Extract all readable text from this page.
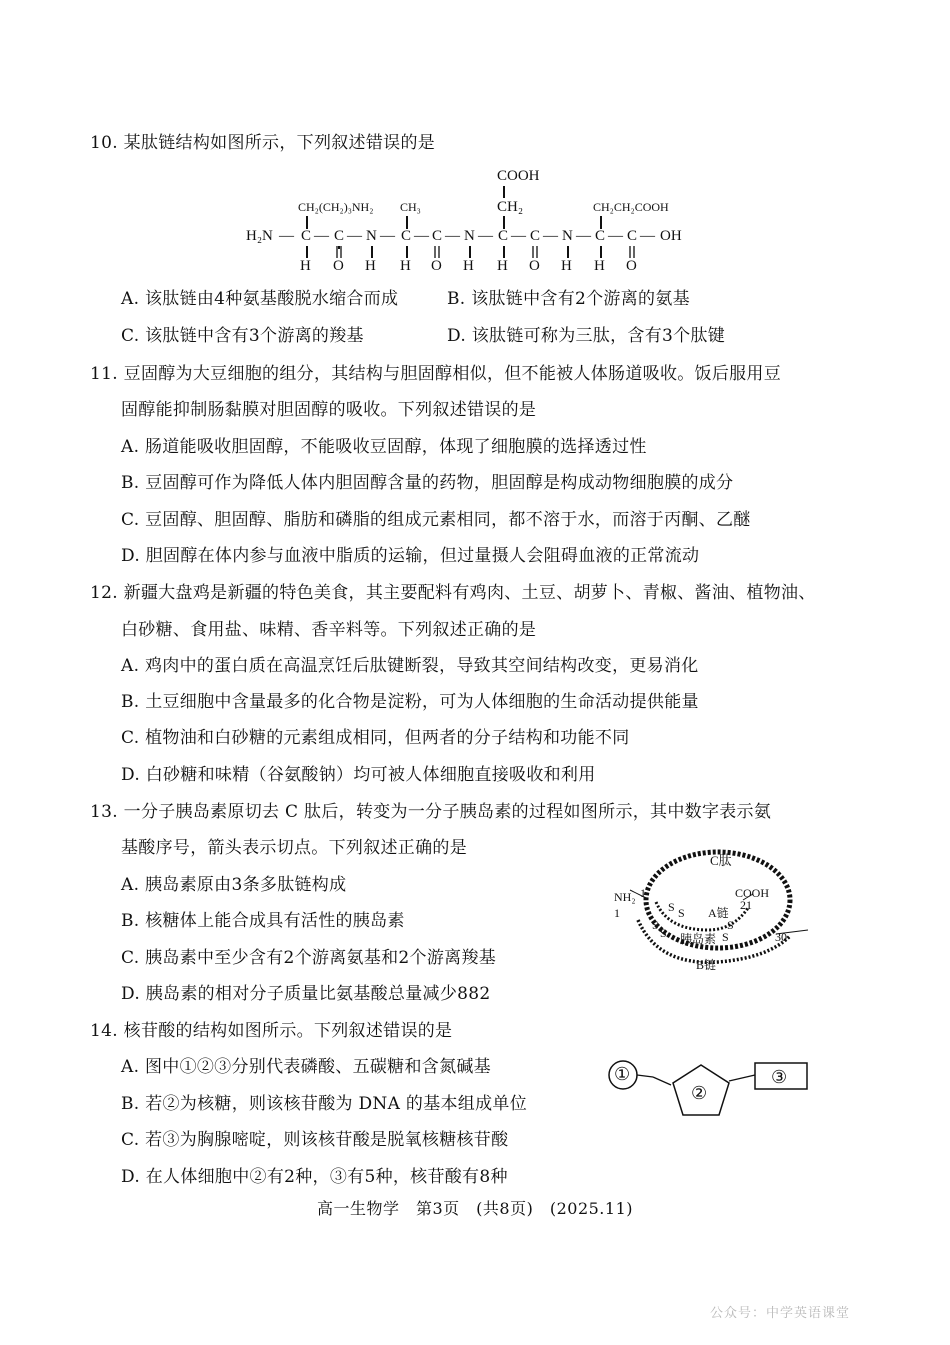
10. 某肽链结构如图所示，下列叙述错误的是
CH₂(CH₂)₃NH₂ CH₃
COOH
CH₂	CH₂CH₂COOH
H₂N — C — C — N — C — C — N — C — C — N — C — C — OH
H O H H O H H O H H O
A. 该肽链由4种氨基酸脱水缩合而成	B. 该肽链中含有2个游离的氨基
C. 该肽链中含有3个游离的羧基	D. 该肽链可称为三肽，含有3个肽键
11. 豆固醇为大豆细胞的组分，其结构与胆固醇相似，但不能被人体肠道吸收。饭后服用豆
固醇能抑制肠黏膜对胆固醇的吸收。下列叙述错误的是
A. 肠道能吸收胆固醇，不能吸收豆固醇，体现了细胞膜的选择透过性
B. 豆固醇可作为降低人体内胆固醇含量的药物，胆固醇是构成动物细胞膜的成分
C. 豆固醇、胆固醇、脂肪和磷脂的组成元素相同，都不溶于水，而溶于丙酮、乙醚
D. 胆固醇在体内参与血液中脂质的运输，但过量摄人会阻碍血液的正常流动
12. 新疆大盘鸡是新疆的特色美食，其主要配料有鸡肉、土豆、胡萝卜、青椒、酱油、植物油、
白砂糖、食用盐、味精、香辛料等。下列叙述正确的是
A. 鸡肉中的蛋白质在高温烹饪后肽键断裂，导致其空间结构改变，更易消化
B. 土豆细胞中含量最多的化合物是淀粉，可为人体细胞的生命活动提供能量
C. 植物油和白砂糖的元素组成相同，但两者的分子结构和功能不同
D. 白砂糖和味精（谷氨酸钠）均可被人体细胞直接吸收和利用
13. 一分子胰岛素原切去 C 肽后，转变为一分子胰岛素的过程如图所示，其中数字表示氨
基酸序号，箭头表示切点。下列叙述正确的是
A. 胰岛素原由3条多肽链构成
B. 核糖体上能合成具有活性的胰岛素
C. 胰岛素中至少含有2个游离氨基和2个游离羧基
D. 胰岛素的相对分子质量比氨基酸总量减少882
C肽
NH₂ 1
1
COOH
21
A链
S S
S
S
S
S
胰岛素	30
B链
14. 核苷酸的结构如图所示。下列叙述错误的是
A. 图中①②③分别代表磷酸、五碳糖和含氮碱基
B. 若②为核糖，则该核苷酸为 DNA 的基本组成单位
C. 若③为胸腺嘧啶，则该核苷酸是脱氧核糖核苷酸
D. 在人体细胞中②有2种，③有5种，核苷酸有8种
①
②
③
高一生物学　第3页　(共8页)　(2025.11)
公众号：中学英语课堂
